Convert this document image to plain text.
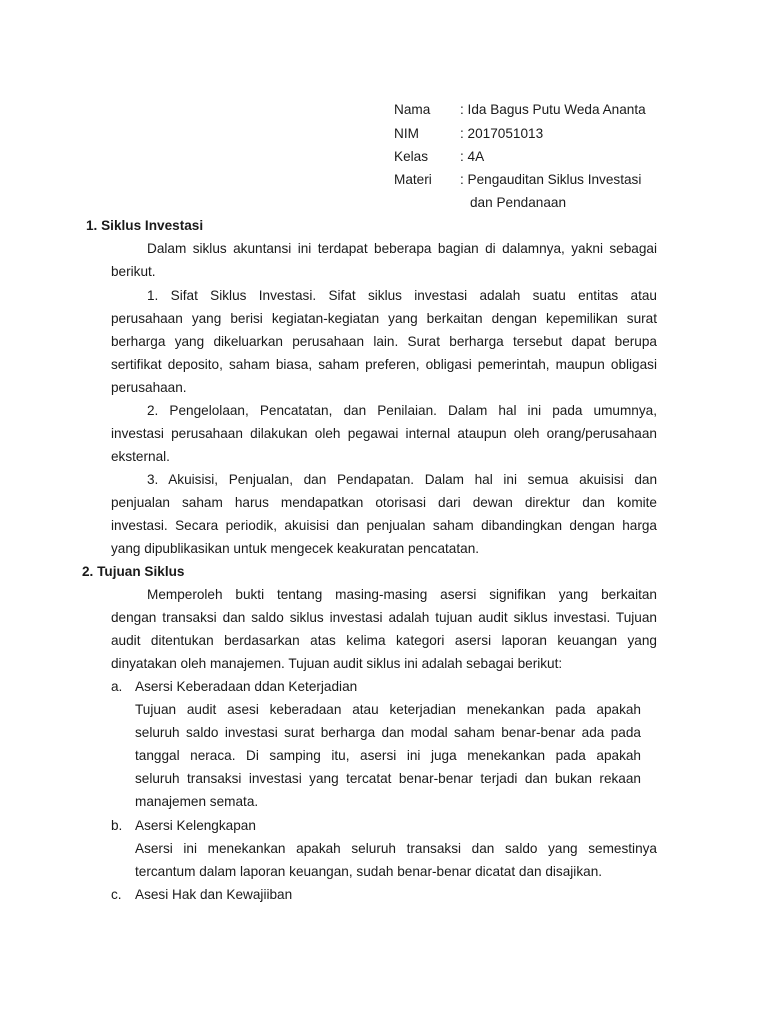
Nama : Ida Bagus Putu Weda Ananta
NIM	: 2017051013
Kelas : 4A
Materi : Pengauditan Siklus Investasi
dan Pendanaan
1. Siklus Investasi
Dalam siklus akuntansi ini terdapat beberapa bagian di dalamnya, yakni sebagai
berikut.
1. Sifat Siklus Investasi. Sifat siklus investasi adalah suatu entitas atau
perusahaan yang berisi kegiatan-kegiatan yang berkaitan dengan kepemilikan surat
berharga yang dikeluarkan perusahaan lain. Surat berharga tersebut dapat berupa
sertifikat deposito, saham biasa, saham preferen, obligasi pemerintah, maupun obligasi
perusahaan.
2. Pengelolaan, Pencatatan, dan Penilaian. Dalam hal ini pada umumnya,
investasi perusahaan dilakukan oleh pegawai internal ataupun oleh orang/perusahaan
eksternal.
3. Akuisisi, Penjualan, dan Pendapatan. Dalam hal ini semua akuisisi dan
penjualan saham harus mendapatkan otorisasi dari dewan direktur dan komite
investasi. Secara periodik, akuisisi dan penjualan saham dibandingkan dengan harga
yang dipublikasikan untuk mengecek keakuratan pencatatan.
2. Tujuan Siklus
Memperoleh bukti tentang masing-masing asersi signifikan yang berkaitan
dengan transaksi dan saldo siklus investasi adalah tujuan audit siklus investasi. Tujuan
audit ditentukan berdasarkan atas kelima kategori asersi laporan keuangan yang
dinyatakan oleh manajemen. Tujuan audit siklus ini adalah sebagai berikut:
a. Asersi Keberadaan ddan Keterjadian
Tujuan audit asesi keberadaan atau keterjadian menekankan pada apakah
seluruh saldo investasi surat berharga dan modal saham benar-benar ada pada
tanggal neraca. Di samping itu, asersi ini juga menekankan pada apakah
seluruh transaksi investasi yang tercatat benar-benar terjadi dan bukan rekaan
manajemen semata.
b. Asersi Kelengkapan
Asersi ini menekankan apakah seluruh transaksi dan saldo yang semestinya
tercantum dalam laporan keuangan, sudah benar-benar dicatat dan disajikan.
c. Asesi Hak dan Kewajiiban
